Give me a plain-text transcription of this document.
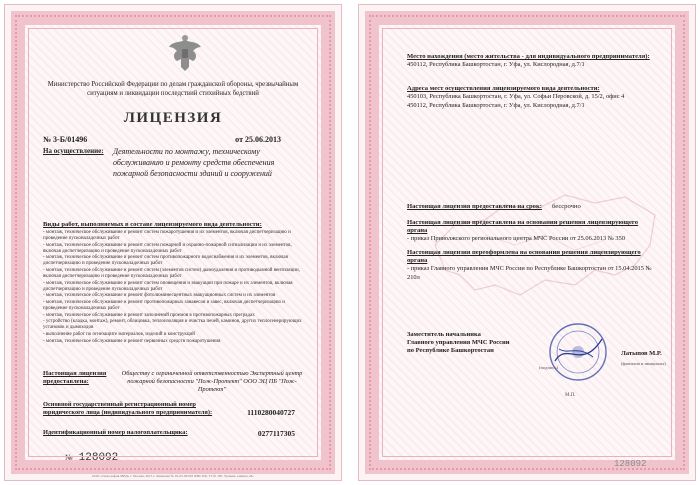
Министерство Российской Федерации по делам гражданской обороны, чрезвычайным ситуациям и ликвидации последствий стихийных бедствий
ЛИЦЕНЗИЯ
№ 3-Б/01496	от 25.06.2013
На осуществление: Деятельности по монтажу, техническому обслуживанию и ремонту средств обеспечения пожарной безопасности зданий и сооружений
Виды работ, выполняемых в составе лицензируемого вида деятельности:
- монтаж, техническое обслуживание и ремонт систем пожаротушения и их элементов, включая диспетчеризацию и проведение пусконаладочных работ
- монтаж, техническое обслуживание и ремонт систем пожарной и охранно-пожарной сигнализации и их элементов, включая диспетчеризацию и проведение пусконаладочных работ
- монтаж, техническое обслуживание и ремонт систем противопожарного водоснабжения и их элементов, включая диспетчеризацию и проведение пусконаладочных работ
- монтаж, техническое обслуживание и ремонт систем (элементов систем) дымоудаления и противодымной вентиляции, включая диспетчеризацию и проведение пусконаладочных работ
- монтаж, техническое обслуживание и ремонт систем оповещения и эвакуации при пожаре и их элементов, включая диспетчеризацию и проведение пусконаладочных работ
- монтаж, техническое обслуживание и ремонт фотолюминесцентных эвакуационных систем и их элементов
- монтаж, техническое обслуживание и ремонт противопожарных занавесов и завес, включая диспетчеризацию и проведение пусконаладочных работ
- монтаж, техническое обслуживание и ремонт заполнений проемов в противопожарных преградах
- устройство (кладка, монтаж), ремонт, облицовка, теплоизоляция и очистка печей, каминов, других теплогенерирующих установок и дымоходов
- выполнение работ по огнезащите материалов, изделий и конструкций
- монтаж, техническое обслуживание и ремонт первичных средств пожаротушения
Настоящая лицензия предоставлена:
Обществу с ограниченной ответственностью Экспертный центр пожарной безопасности "Пож-Протект" ООО ЭЦ ПБ "Пож-Протект"
Основной государственный регистрационный номер юридического лица (индивидуального предпринимателя):	1110280040727
Идентификационный номер налогоплательщика:	0277117305
№ 128092
ООО «Типография МВД» г. Москва, 2013 г. Лицензия № 05-05-09/003 ФНС РФ, ТЗ № 185. Уровень защиты «Б»
Место нахождения (место жительства - для индивидуального предпринимателя):
450112, Республика Башкортостан, г. Уфа, ул. Кислородная, д.7/1
Адреса мест осуществления лицензируемого вида деятельности:
450103, Республика Башкортостан, г. Уфа, ул. Софьи Перовской, д. 15/2, офис 4
450112, Республика Башкортостан, г. Уфа, ул. Кислородная, д.7/1
Настоящая лицензия предоставлена на срок: бессрочно
Настоящая лицензия предоставлена на основании решения лицензирующего органа
- приказ Приволжского регионального центра МЧС России от 25.06.2013 № 350
Настоящая лицензия переоформлена на основании решения лицензирующего органа
- приказ Главного управления МЧС России по Республике Башкортостан от 15.04.2015 № 210л
Заместитель начальника
Главного управления МЧС России
по Республике Башкортостан	Латыпов М.Р.
(подпись)
(фамилия и инициалы)
М.П.
128092
